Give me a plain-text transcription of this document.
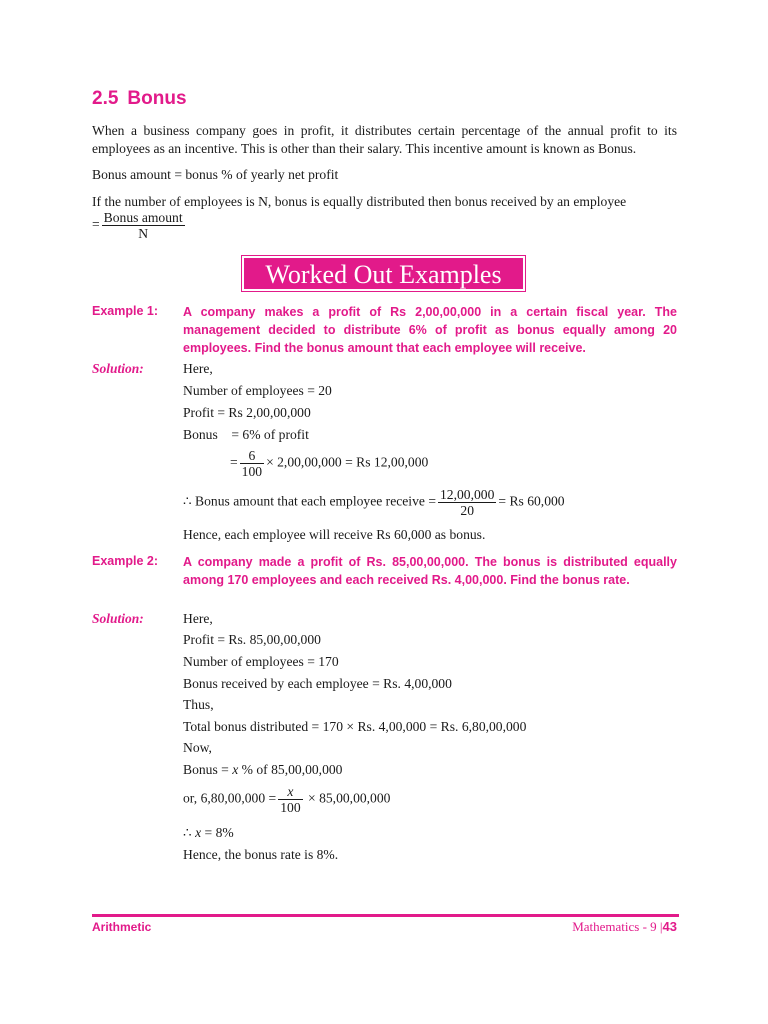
2.5 Bonus
When a business company goes in profit, it distributes certain percentage of the annual profit to its employees as an incentive. This is other than their salary. This incentive amount is known as Bonus.
Bonus amount = bonus % of yearly net profit
If the number of employees is N, bonus is equally distributed then bonus received by an employee
= $\frac{\text{Bonus amount}}{N}$
Worked Out Examples
Example 1: A company makes a profit of Rs 2,00,00,000 in a certain fiscal year. The management decided to distribute 6% of profit as bonus equally among 20 employees. Find the bonus amount that each employee will receive.
Solution:	Here,
Number of employees = 20
Profit = Rs 2,00,00,000
Bonus    = 6% of profit
= $\frac{6}{100} \times 2,00,00,000 = Rs$ 12,00,000
∴ Bonus amount that each employee receive = $\frac{12,00,000}{20} = Rs$ 60,000
Hence, each employee will receive Rs 60,000 as bonus.
Example 2: A company made a profit of Rs. 85,00,00,000. The bonus is distributed equally among 170 employees and each received Rs. 4,00,000. Find the bonus rate.
Solution:	Here,
Profit = Rs. 85,00,00,000
Number of employees = 170
Bonus received by each employee = Rs. 4,00,000
Thus,
Total bonus distributed = 170 × Rs. 4,00,000 = Rs. 6,80,00,000
Now,
Bonus = x % of 85,00,00,000
or, $6,80,00,000 = \frac{x}{100} \times 85,00,00,000$
∴ x = 8%
Hence, the bonus rate is 8%.
Arithmetic	Mathematics - 9 |43
